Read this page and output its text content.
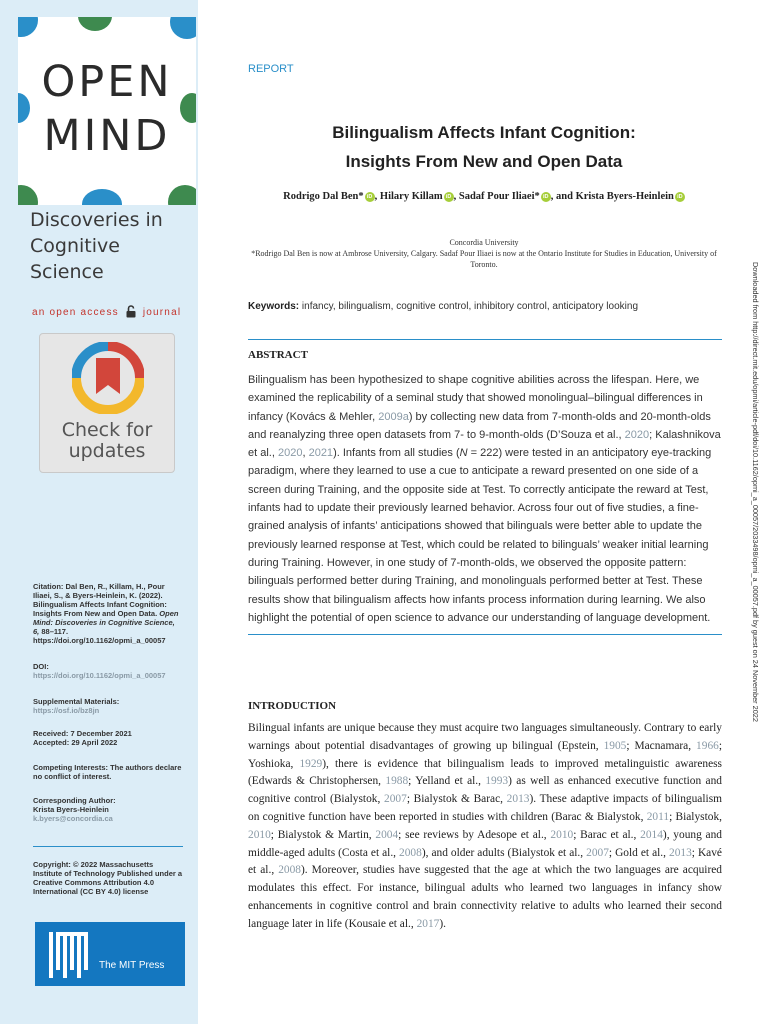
OPEN
MIND
Discoveries in
Cognitive Science
an open access journal
Check for
updates
Citation: Dal Ben, R., Killam, H., Pour Iliaei, S., & Byers-Heinlein, K. (2022). Bilingualism Affects Infant Cognition: Insights From New and Open Data. Open Mind: Discoveries in Cognitive Science, 6, 88–117. https://doi.org/10.1162/opmi_a_00057
DOI:
https://doi.org/10.1162/opmi_a_00057
Supplemental Materials:
https://osf.io/bz8jn
Received: 7 December 2021
Accepted: 29 April 2022
Competing Interests: The authors declare no conflict of interest.
Corresponding Author:
Krista Byers-Heinlein
k.byers@concordia.ca
Copyright: © 2022 Massachusetts Institute of Technology Published under a Creative Commons Attribution 4.0 International (CC BY 4.0) license
The MIT Press
REPORT
Bilingualism Affects Infant Cognition:
Insights From New and Open Data
Rodrigo Dal Ben* iD , Hilary Killam iD , Sadaf Pour Iliaei* iD , and Krista Byers-Heinlein iD
Concordia University
*Rodrigo Dal Ben is now at Ambrose University, Calgary. Sadaf Pour Iliaei is now at the Ontario Institute for Studies in Education, University of Toronto.
Keywords: infancy, bilingualism, cognitive control, inhibitory control, anticipatory looking
ABSTRACT

Bilingualism has been hypothesized to shape cognitive abilities across the lifespan. Here, we examined the replicability of a seminal study that showed monolingual–bilingual differences in infancy (Kovács & Mehler, 2009a) by collecting new data from 7-month-olds and 20-month-olds and reanalyzing three open datasets from 7- to 9-month-olds (D’Souza et al., 2020; Kalashnikova et al., 2020, 2021). Infants from all studies (N = 222) were tested in an anticipatory eye-tracking paradigm, where they learned to use a cue to anticipate a reward presented on one side of a screen during Training, and the opposite side at Test. To correctly anticipate the reward at Test, infants had to update their previously learned behavior. Across four out of five studies, a fine-grained analysis of infants’ anticipations showed that bilinguals were better able to update the previously learned response at Test, which could be related to bilinguals’ weaker initial learning during Training. However, in one study of 7-month-olds, we observed the opposite pattern: bilinguals performed better during Training, and monolinguals performed better at Test. These results show that bilingualism affects how infants process information during learning. We also highlight the potential of open science to advance our understanding of language development.

INTRODUCTION

Bilingual infants are unique because they must acquire two languages simultaneously. Contrary to early warnings about potential disadvantages of growing up bilingual (Epstein, 1905; Macnamara, 1966; Yoshioka, 1929), there is evidence that bilingualism leads to improved metalinguistic awareness (Edwards & Christophersen, 1988; Yelland et al., 1993) as well as enhanced executive function and cognitive control (Bialystok, 2007; Bialystok & Barac, 2013). These adaptive impacts of bilingualism on cognitive function have been reported in studies with children (Barac & Bialystok, 2011; Bialystok, 2010; Bialystok & Martin, 2004; see reviews by Adesope et al., 2010; Barac et al., 2014), young and middle-aged adults (Costa et al., 2008), and older adults (Bialystok et al., 2007; Gold et al., 2013; Kavé et al., 2008). Moreover, studies have suggested that the age at which the two languages are acquired modulates this effect. For instance, bilingual adults who learned two languages in infancy show enhancements in cognitive control and brain connectivity relative to adults who learned their second language later in life (Kousaie et al., 2017).

Downloaded from http://direct.mit.edu/opmi/article-pdf/doi/10.1162/opmi_a_00057/2033498/opmi_a_00057.pdf by guest on 24 November 2022
